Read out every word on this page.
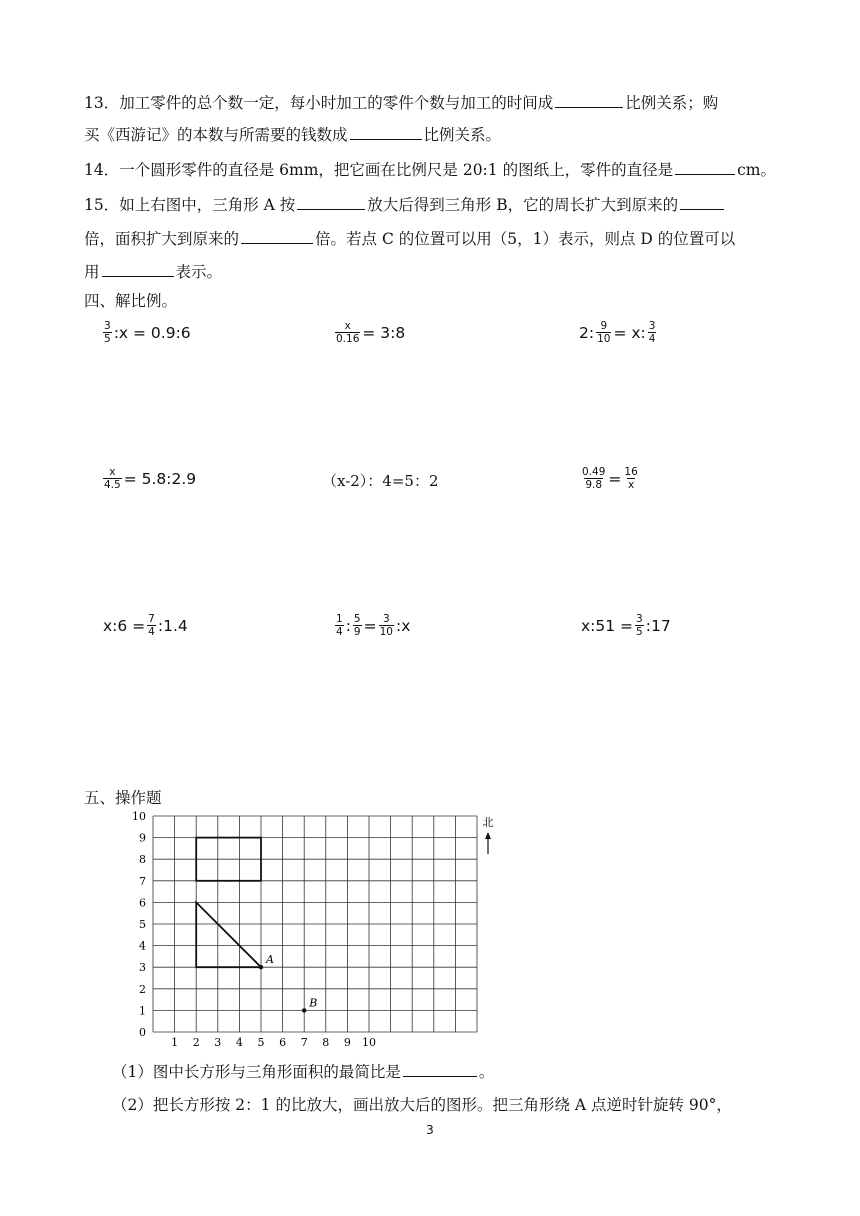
13．加工零件的总个数一定，每小时加工的零件个数与加工的时间成	比例关系；购
买《西游记》的本数与所需要的钱数成	比例关系。
14．一个圆形零件的直径是 6mm，把它画在比例尺是 20:1 的图纸上，零件的直径是	cm。
15．如上右图中，三角形 A 按	放大后得到三角形 B，它的周长扩大到原来的
倍，面积扩大到原来的	倍。若点 C 的位置可以用（5，1）表示，则点 D 的位置可以
用	表示。
四、解比例。
$\frac{3}{5}$ :x = 0.9:6	$\frac{x}{0.16}$ = 3:8	2: $\frac{9}{10} = x$: $\frac{3}{4}$
$\frac{x}{4.5}$ = 5.8:2.9	（x-2）：4=5：2	$\frac{0.49}{9.8} = \frac{16}{x}$
x:6 = $\frac{7}{4}$ :1.4	$\frac{1}{4}$ : $\frac{5}{9} = \frac{3}{10}$ :x	x:51 = $\frac{3}{5}$ :17
五、操作题
0
1
2
3
4
5
6
7
8
9
10
1 2 3 4 5 6 7 8 9 10
A
B
北
（1）图中长方形与三角形面积的最简比是	。
（2）把长方形按 2：1 的比放大，画出放大后的图形。把三角形绕 A 点逆时针旋转 90°，
3
